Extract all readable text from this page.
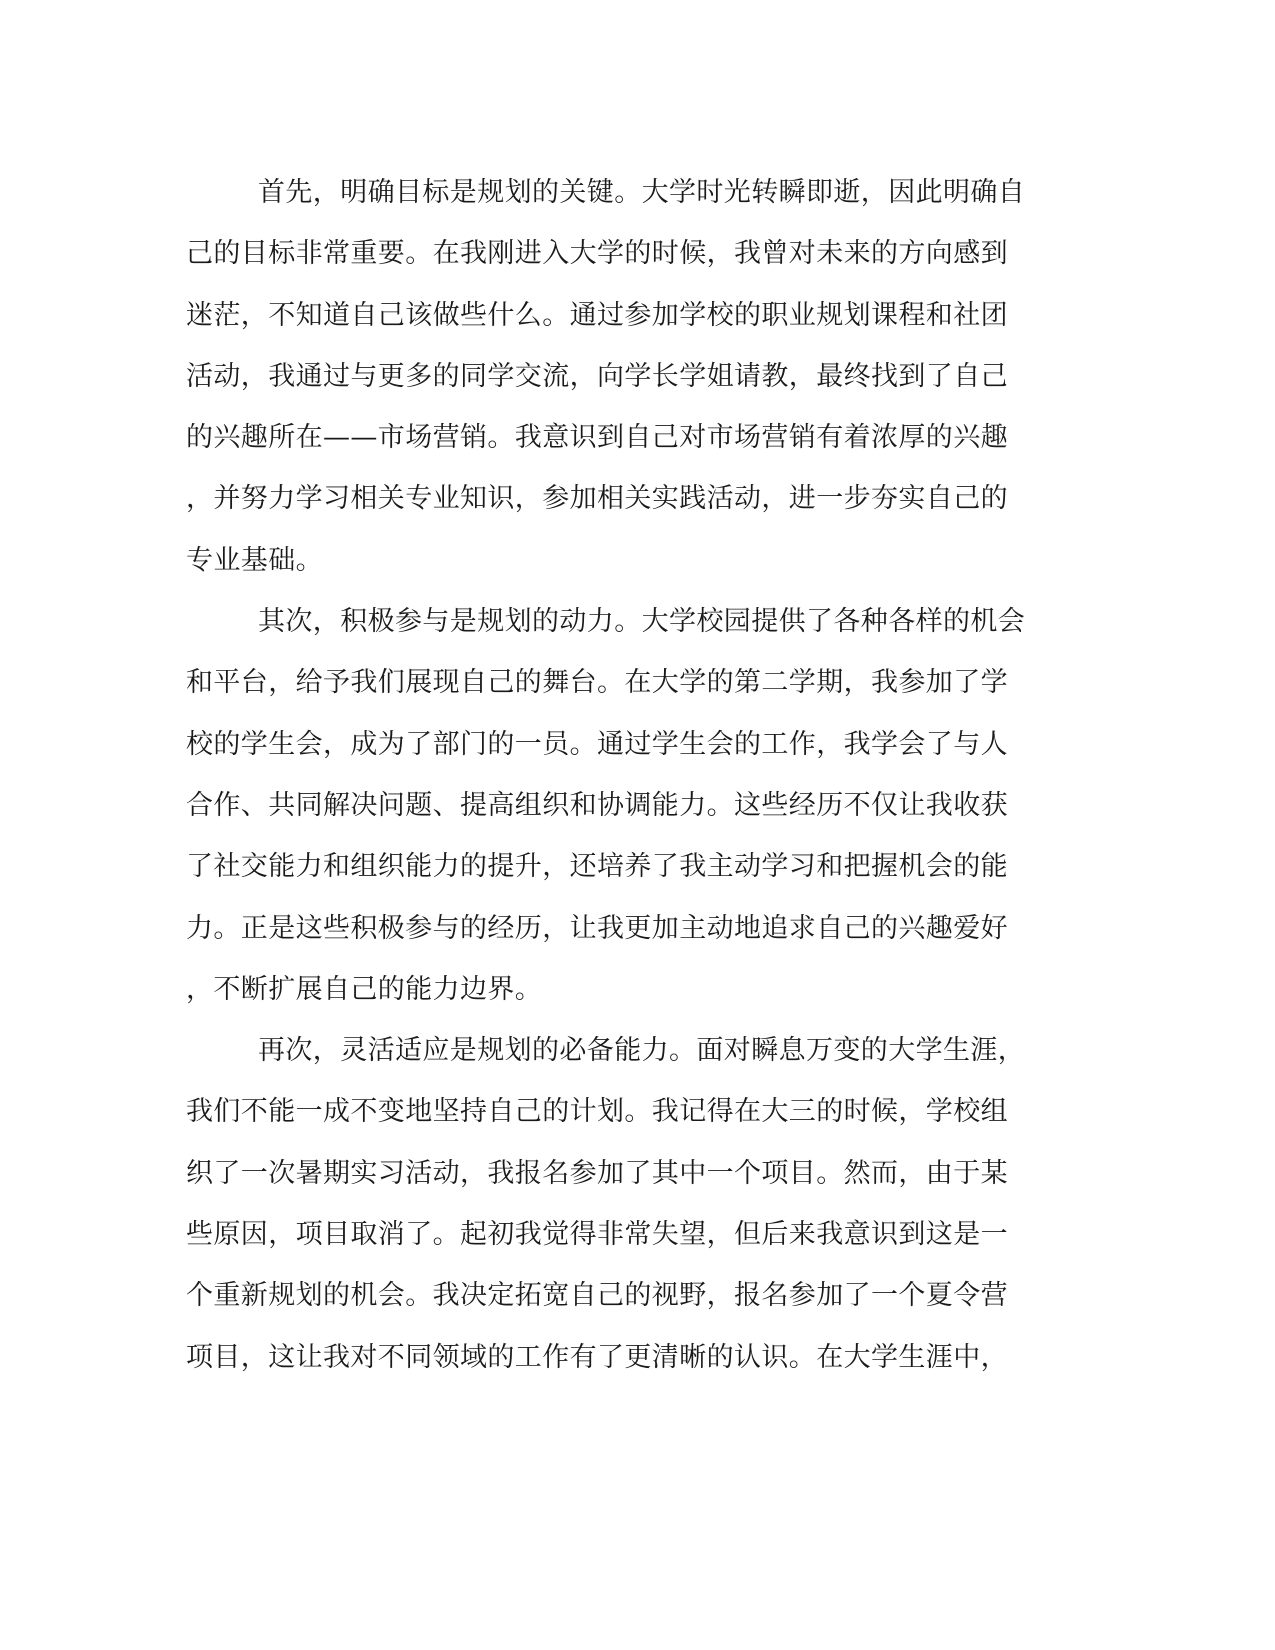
首先，明确目标是规划的关键。大学时光转瞬即逝，因此明确自
己的目标非常重要。在我刚进入大学的时候，我曾对未来的方向感到
迷茫，不知道自己该做些什么。通过参加学校的职业规划课程和社团
活动，我通过与更多的同学交流，向学长学姐请教，最终找到了自己
的兴趣所在——市场营销。我意识到自己对市场营销有着浓厚的兴趣
，并努力学习相关专业知识，参加相关实践活动，进一步夯实自己的
专业基础。
其次，积极参与是规划的动力。大学校园提供了各种各样的机会
和平台，给予我们展现自己的舞台。在大学的第二学期，我参加了学
校的学生会，成为了部门的一员。通过学生会的工作，我学会了与人
合作、共同解决问题、提高组织和协调能力。这些经历不仅让我收获
了社交能力和组织能力的提升，还培养了我主动学习和把握机会的能
力。正是这些积极参与的经历，让我更加主动地追求自己的兴趣爱好
，不断扩展自己的能力边界。
再次，灵活适应是规划的必备能力。面对瞬息万变的大学生涯，
我们不能一成不变地坚持自己的计划。我记得在大三的时候，学校组
织了一次暑期实习活动，我报名参加了其中一个项目。然而，由于某
些原因，项目取消了。起初我觉得非常失望，但后来我意识到这是一
个重新规划的机会。我决定拓宽自己的视野，报名参加了一个夏令营
项目，这让我对不同领域的工作有了更清晰的认识。在大学生涯中，
